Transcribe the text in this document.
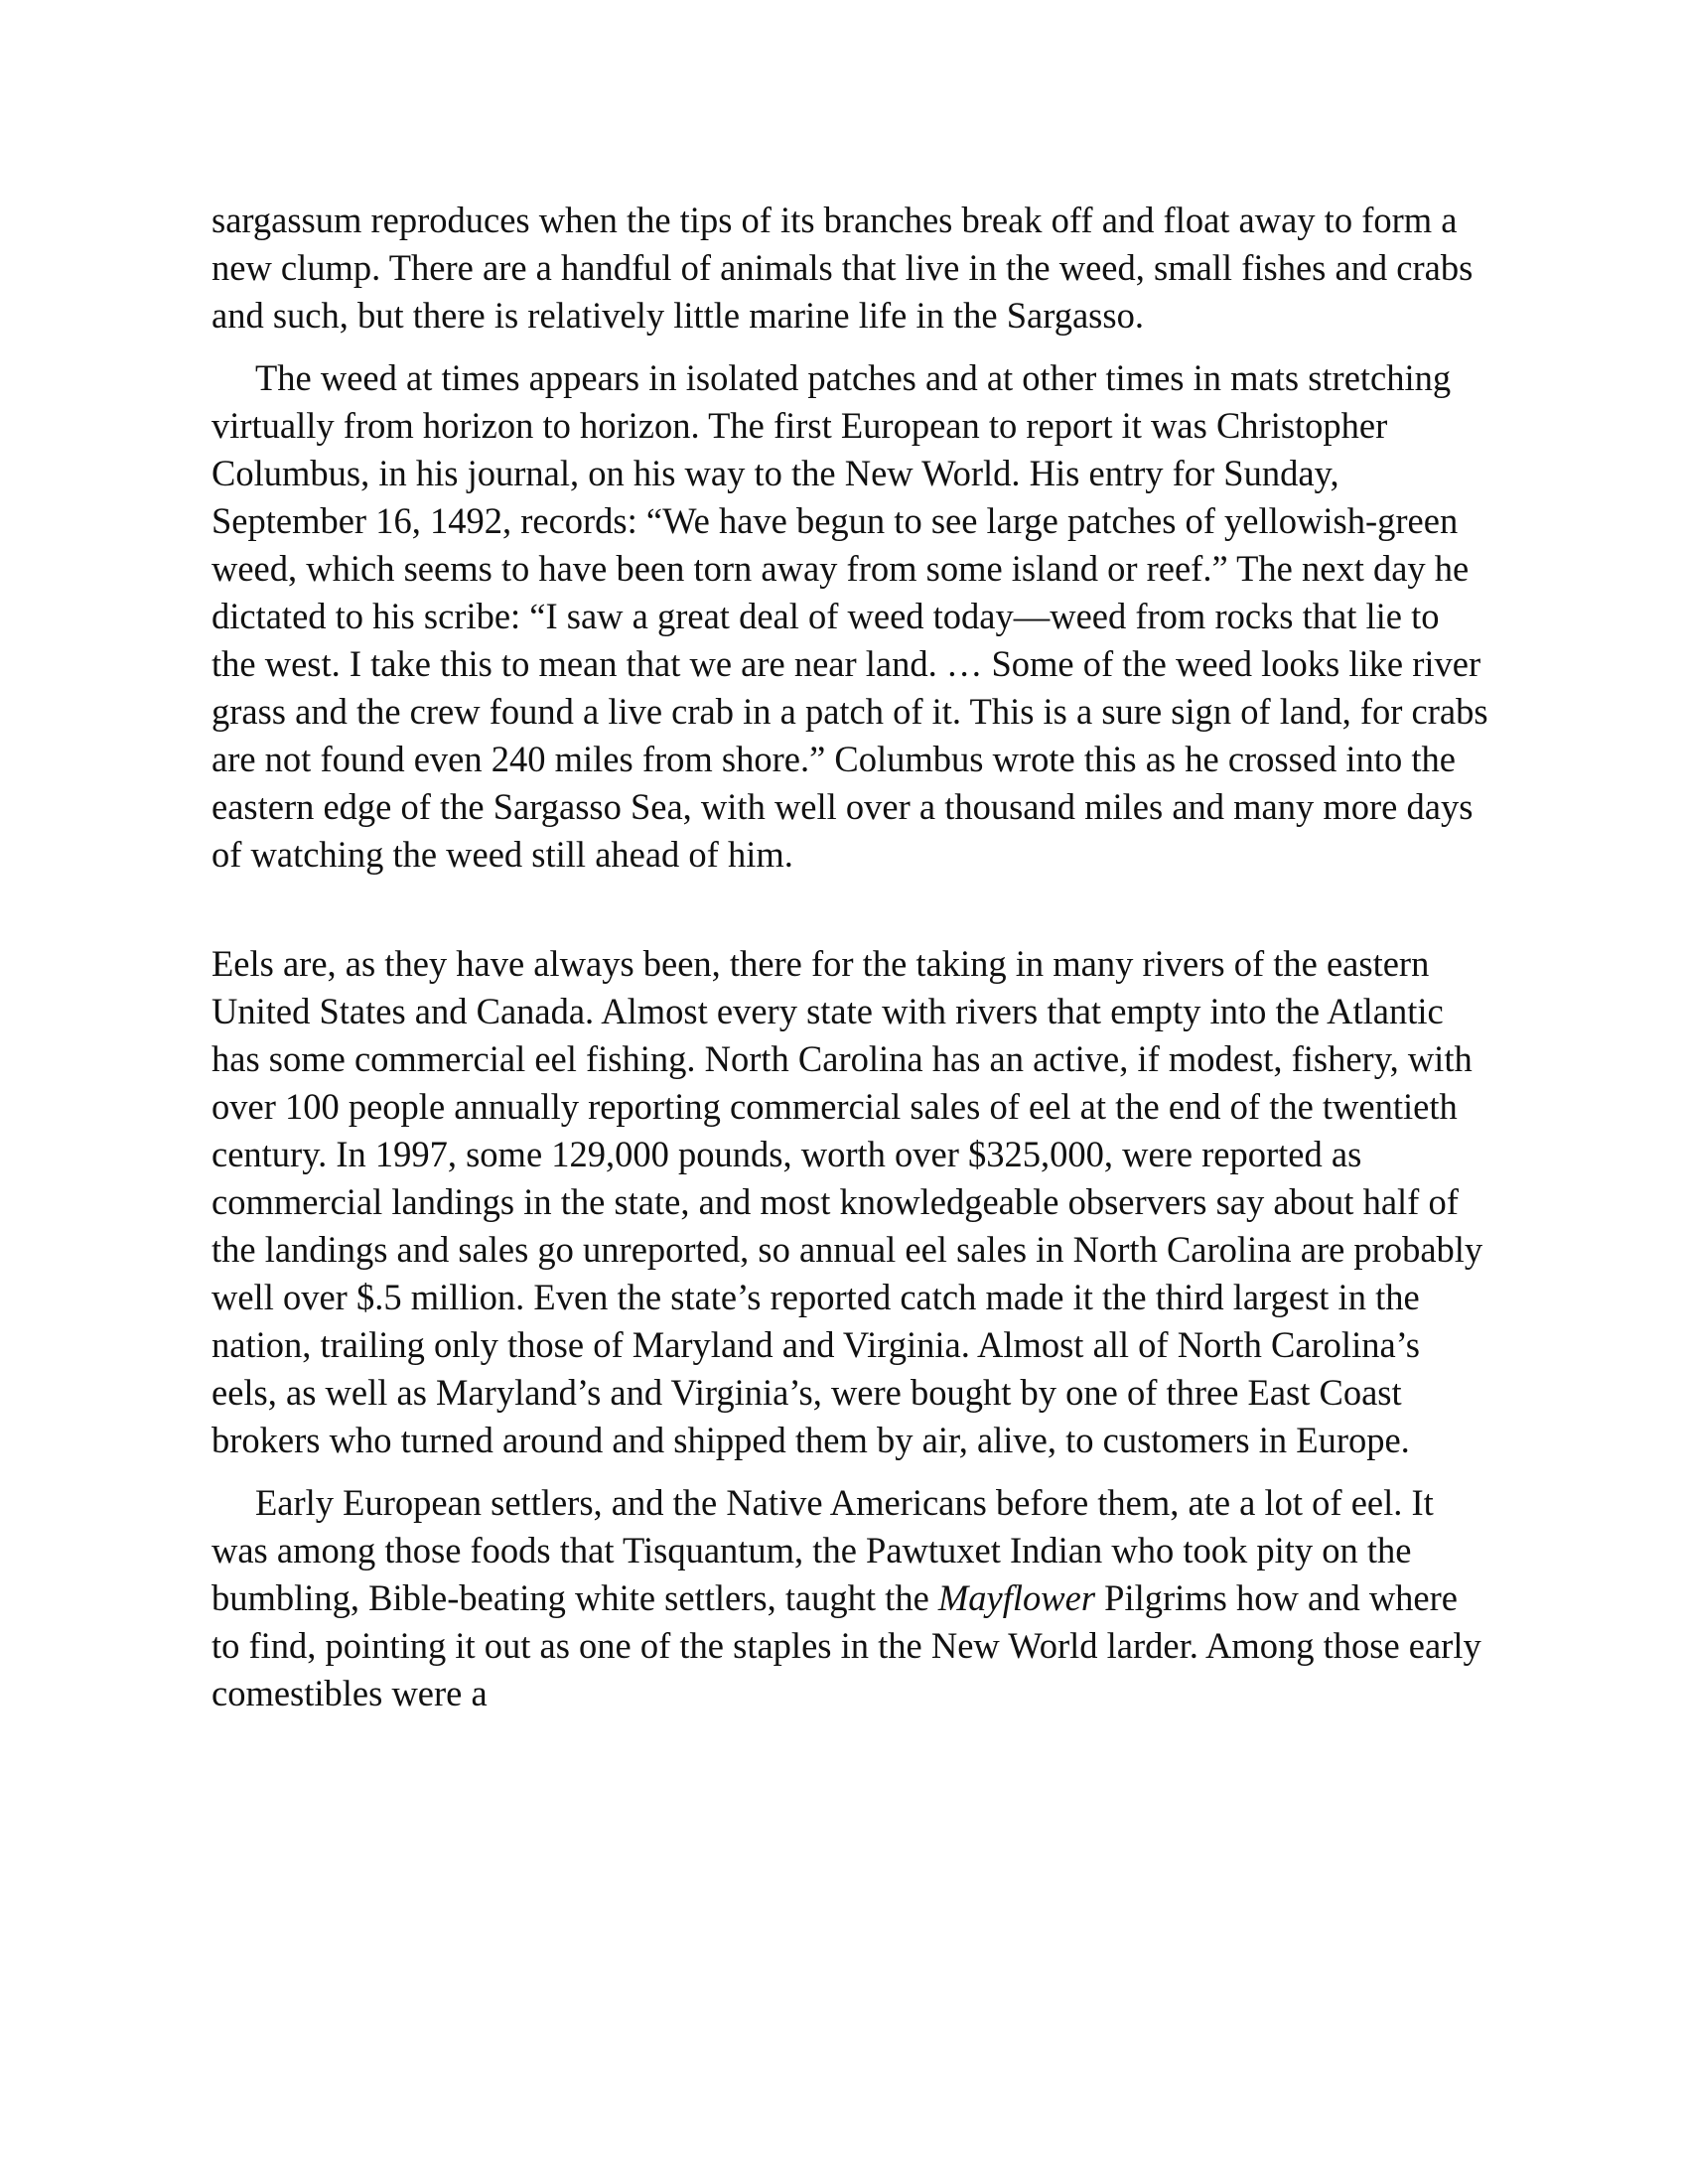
sargassum reproduces when the tips of its branches break off and float away to form a new clump. There are a handful of animals that live in the weed, small fishes and crabs and such, but there is relatively little marine life in the Sargasso.

The weed at times appears in isolated patches and at other times in mats stretching virtually from horizon to horizon. The first European to report it was Christopher Columbus, in his journal, on his way to the New World. His entry for Sunday, September 16, 1492, records: “We have begun to see large patches of yellowish-green weed, which seems to have been torn away from some island or reef.” The next day he dictated to his scribe: “I saw a great deal of weed today—weed from rocks that lie to the west. I take this to mean that we are near land. … Some of the weed looks like river grass and the crew found a live crab in a patch of it. This is a sure sign of land, for crabs are not found even 240 miles from shore.” Columbus wrote this as he crossed into the eastern edge of the Sargasso Sea, with well over a thousand miles and many more days of watching the weed still ahead of him.

Eels are, as they have always been, there for the taking in many rivers of the eastern United States and Canada. Almost every state with rivers that empty into the Atlantic has some commercial eel fishing. North Carolina has an active, if modest, fishery, with over 100 people annually reporting commercial sales of eel at the end of the twentieth century. In 1997, some 129,000 pounds, worth over $325,000, were reported as commercial landings in the state, and most knowledgeable observers say about half of the landings and sales go unreported, so annual eel sales in North Carolina are probably well over $.5 million. Even the state’s reported catch made it the third largest in the nation, trailing only those of Maryland and Virginia. Almost all of North Carolina’s eels, as well as Maryland’s and Virginia’s, were bought by one of three East Coast brokers who turned around and shipped them by air, alive, to customers in Europe.

Early European settlers, and the Native Americans before them, ate a lot of eel. It was among those foods that Tisquantum, the Pawtuxet Indian who took pity on the bumbling, Bible-beating white settlers, taught the Mayflower Pilgrims how and where to find, pointing it out as one of the staples in the New World larder. Among those early comestibles were a
